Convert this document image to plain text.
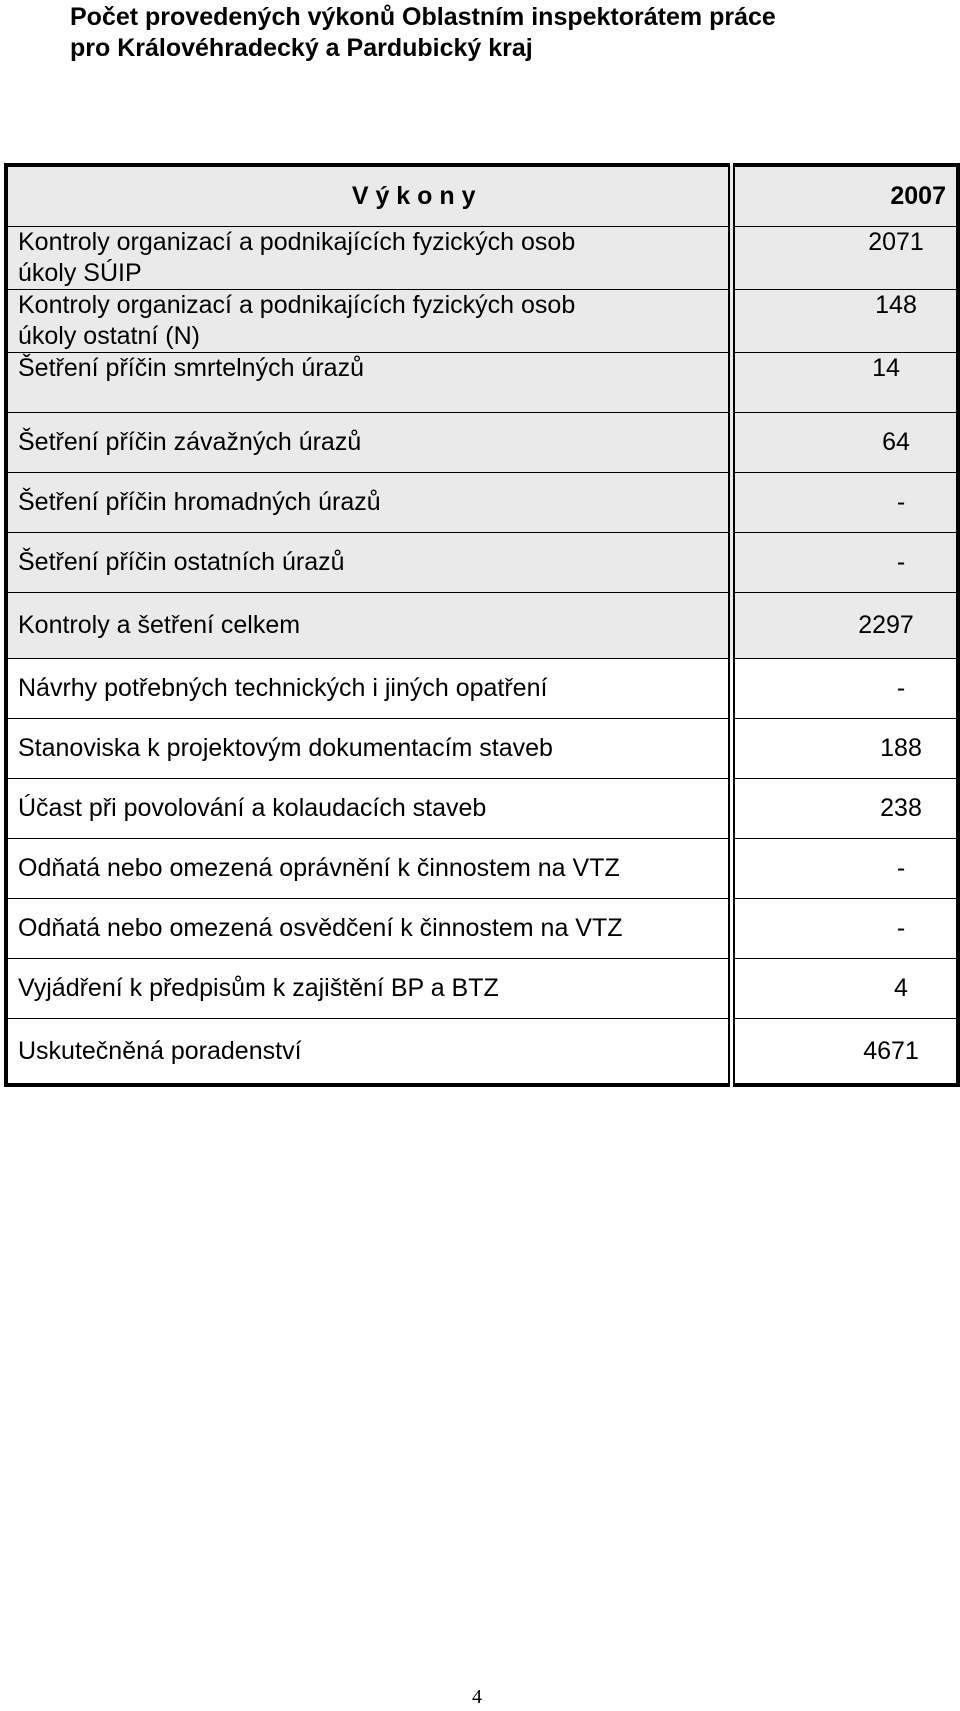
Počet provedených výkonů Oblastním inspektorátem práce
pro Královéhradecký a Pardubický kraj
V ý k o n y	2007

Kontroly organizací a podnikajících fyzických osob
úkoly SÚIP	2071

Kontroly organizací a podnikajících fyzických osob
úkoly ostatní (N)	148
Šetření příčin smrtelných úrazů	14
Šetření příčin závažných úrazů	64
Šetření příčin hromadných úrazů	-
Šetření příčin ostatních úrazů	-
Kontroly a šetření celkem	2297
Návrhy potřebných technických i jiných opatření	-
Stanoviska k projektovým dokumentacím staveb	188
Účast při povolování a kolaudacích staveb	238
Odňatá nebo omezená oprávnění k činnostem na VTZ	-
Odňatá nebo omezená osvědčení k činnostem na VTZ	-
Vyjádření k předpisům k zajištění BP a BTZ	4
Uskutečněná poradenství	4671
4
